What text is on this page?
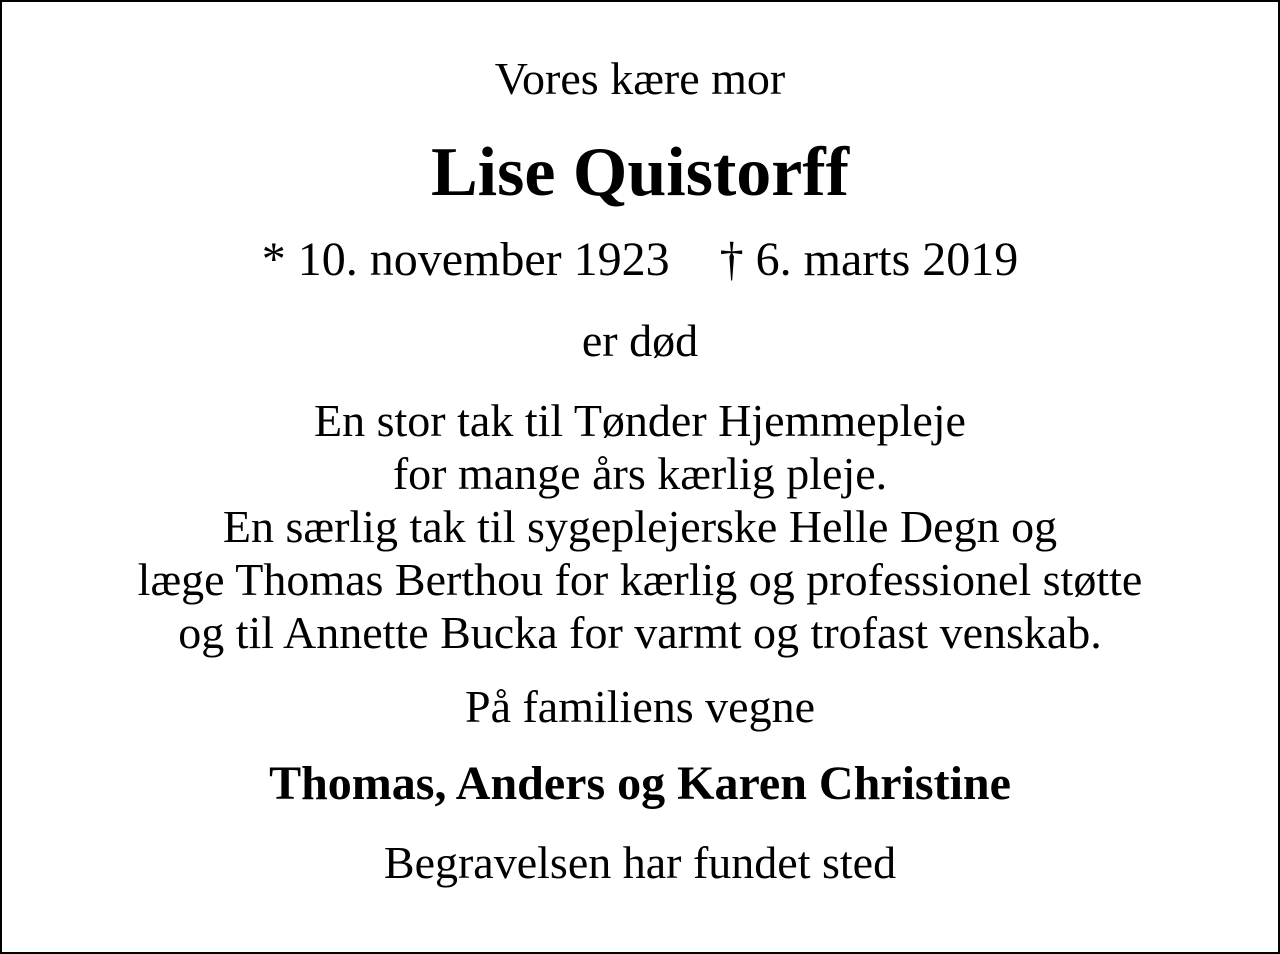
Vores kære mor
Lise Quistorff
* 10. november 1923 † 6. marts 2019
er død
En stor tak til Tønder Hjemmepleje
for mange års kærlig pleje.
En særlig tak til sygeplejerske Helle Degn og
læge Thomas Berthou for kærlig og professionel støtte
og til Annette Bucka for varmt og trofast venskab.
På familiens vegne
Thomas, Anders og Karen Christine
Begravelsen har fundet sted
